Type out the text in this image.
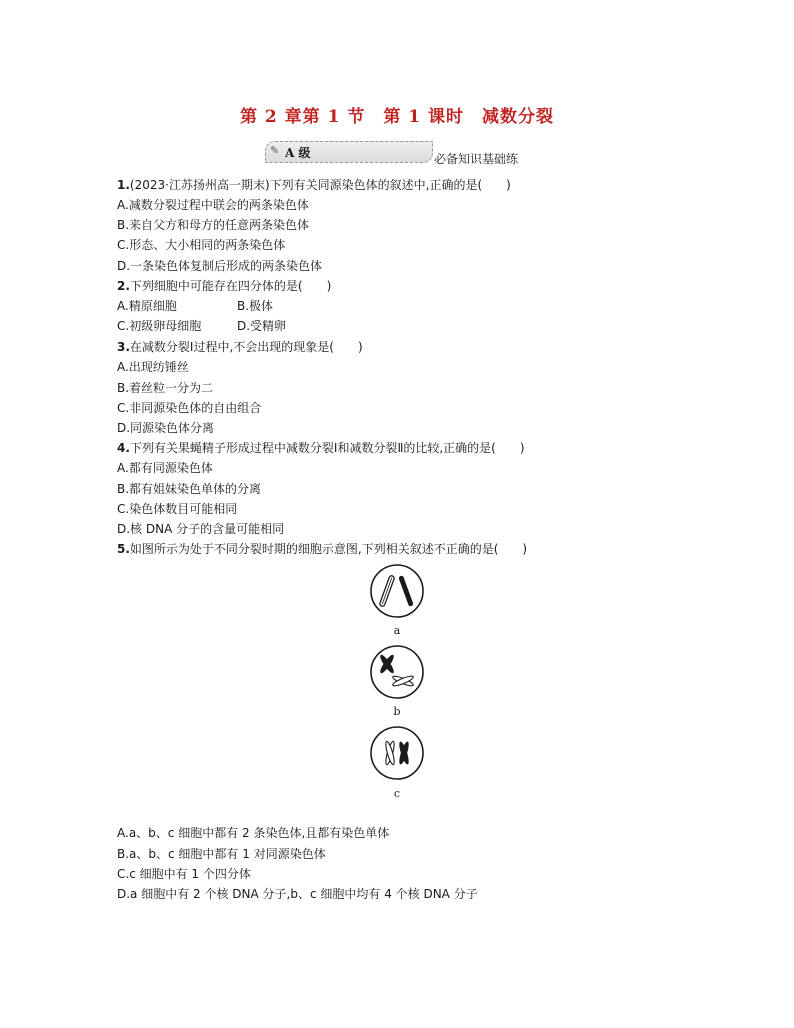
第 2 章第 1 节　第 1 课时　减数分裂
✎ A 级	必备知识基础练
1.(2023·江苏扬州高一期末)下列有关同源染色体的叙述中,正确的是(　　)
A.减数分裂过程中联会的两条染色体
B.来自父方和母方的任意两条染色体
C.形态、大小相同的两条染色体
D.一条染色体复制后形成的两条染色体
2.下列细胞中可能存在四分体的是(　　)
A.精原细胞	B.极体
C.初级卵母细胞	D.受精卵
3.在减数分裂Ⅰ过程中,不会出现的现象是(　　)
A.出现纺锤丝
B.着丝粒一分为二
C.非同源染色体的自由组合
D.同源染色体分离
4.下列有关果蝇精子形成过程中减数分裂Ⅰ和减数分裂Ⅱ的比较,正确的是(　　)
A.都有同源染色体
B.都有姐妹染色单体的分离
C.染色体数目可能相同
D.核 DNA 分子的含量可能相同
5.如图所示为处于不同分裂时期的细胞示意图,下列相关叙述不正确的是(　　)
a
b
c
A.a、b、c 细胞中都有 2 条染色体,且都有染色单体
B.a、b、c 细胞中都有 1 对同源染色体
C.c 细胞中有 1 个四分体
D.a 细胞中有 2 个核 DNA 分子,b、c 细胞中均有 4 个核 DNA 分子
